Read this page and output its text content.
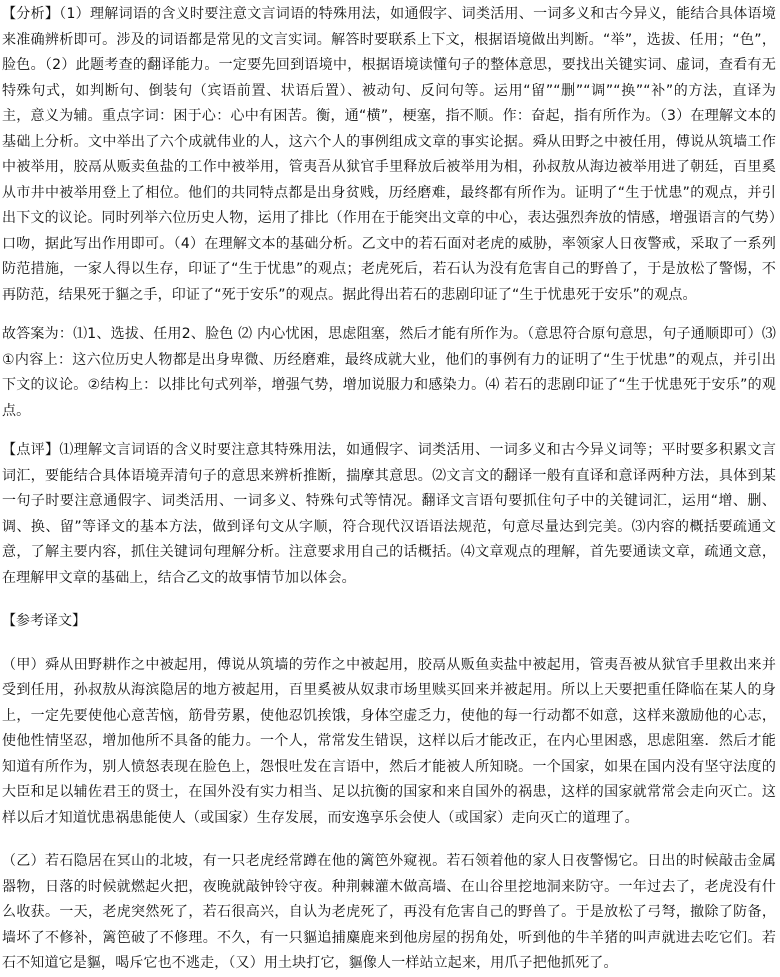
【分析】（1）理解词语的含义时要注意文言词语的特殊用法，如通假字、词类活用、一词多义和古今异义，能结合具体语境来准确辨析即可。涉及的词语都是常见的文言实词。解答时要联系上下文，根据语境做出判断。“举”，选拔、任用；“色”，脸色。（2）此题考查的翻译能力。一定要先回到语境中，根据语境读懂句子的整体意思，要找出关键实词、虚词，查看有无特殊句式，如判断句、倒装句（宾语前置、状语后置）、被动句、反问句等。运用“留”“删”“调”“换”“补”的方法，直译为主，意义为辅。重点字词：困于心：心中有困苦。衡，通“横”，梗塞，指不顺。作：奋起，指有所作为。（3）在理解文本的基础上分析。文中举出了六个成就伟业的人，这六个人的事例组成文章的事实论据。舜从田野之中被任用，傅说从筑墙工作中被举用，胶鬲从贩卖鱼盐的工作中被举用，管夷吾从狱官手里释放后被举用为相，孙叔敖从海边被举用进了朝廷，百里奚从市井中被举用登上了相位。他们的共同特点都是出身贫贱，历经磨难，最终都有所作为。证明了“生于忧患”的观点，并引出下文的议论。同时列举六位历史人物，运用了排比（作用在于能突出文章的中心，表达强烈奔放的情感，增强语言的气势）口吻，据此写出作用即可。（4）在理解文本的基础分析。乙文中的若石面对老虎的威胁，率领家人日夜警戒，采取了一系列防范措施，一家人得以生存，印证了“生于忧患”的观点；老虎死后，若石认为没有危害自己的野兽了，于是放松了警惕，不再防范，结果死于貙之手，印证了“死于安乐”的观点。据此得出若石的悲剧印证了“生于忧患死于安乐”的观点。

故答案为：⑴1、选拔、任用2、脸色 ⑵ 内心忧困，思虑阻塞，然后才能有所作为。（意思符合原句意思，句子通顺即可）⑶①内容上：这六位历史人物都是出身卑微、历经磨难，最终成就大业，他们的事例有力的证明了“生于忧患”的观点，并引出下文的议论。②结构上：以排比句式列举，增强气势，增加说服力和感染力。⑷ 若石的悲剧印证了“生于忧患死于安乐”的观点。

【点评】⑴理解文言词语的含义时要注意其特殊用法，如通假字、词类活用、一词多义和古今异义词等；平时要多积累文言词汇，要能结合具体语境弄清句子的意思来辨析推断，揣摩其意思。⑵文言文的翻译一般有直译和意译两种方法，具体到某一句子时要注意通假字、词类活用、一词多义、特殊句式等情况。翻译文言语句要抓住句子中的关键词汇，运用“增、删、调、换、留”等译文的基本方法，做到译句文从字顺，符合现代汉语语法规范，句意尽量达到完美。⑶内容的概括要疏通文意，了解主要内容，抓住关键词句理解分析。注意要求用自己的话概括。⑷文章观点的理解，首先要通读文章，疏通文意，在理解甲文章的基础上，结合乙文的故事情节加以体会。

【参考译文】

（甲）舜从田野耕作之中被起用，傅说从筑墙的劳作之中被起用，胶鬲从贩鱼卖盐中被起用，管夷吾被从狱官手里救出来并受到任用，孙叔敖从海滨隐居的地方被起用，百里奚被从奴隶市场里赎买回来并被起用。所以上天要把重任降临在某人的身上，一定先要使他心意苦恼，筋骨劳累，使他忍饥挨饿，身体空虚乏力，使他的每一行动都不如意，这样来激励他的心志，使他性情坚忍，增加他所不具备的能力。一个人，常常发生错误，这样以后才能改正，在内心里困惑，思虑阻塞．然后才能知道有所作为，别人愤怒表现在脸色上，怨恨吐发在言语中，然后才能被人所知晓。一个国家，如果在国内没有坚守法度的大臣和足以辅佐君王的贤士，在国外没有实力相当、足以抗衡的国家和来自国外的祸患，这样的国家就常常会走向灭亡。这样以后才知道忧患祸患能使人（或国家）生存发展，而安逸享乐会使人（或国家）走向灭亡的道理了。

（乙）若石隐居在冥山的北坡，有一只老虎经常蹲在他的篱笆外窥视。若石领着他的家人日夜警惕它。日出的时候敲击金属器物，日落的时候就燃起火把，夜晚就敲钟铃守夜。种荆棘灌木做高墙、在山谷里挖地洞来防守。一年过去了，老虎没有什么收获。一天，老虎突然死了，若石很高兴，自认为老虎死了，再没有危害自己的野兽了。于是放松了弓弩，撤除了防备，墙坏了不修补，篱笆破了不修理。不久，有一只貙追捕麋鹿来到他房屋的拐角处，听到他的牛羊猪的叫声就进去吃它们。若石不知道它是貙，喝斥它也不逃走，（又）用土块打它，貙像人一样站立起来，用爪子把他抓死了。
